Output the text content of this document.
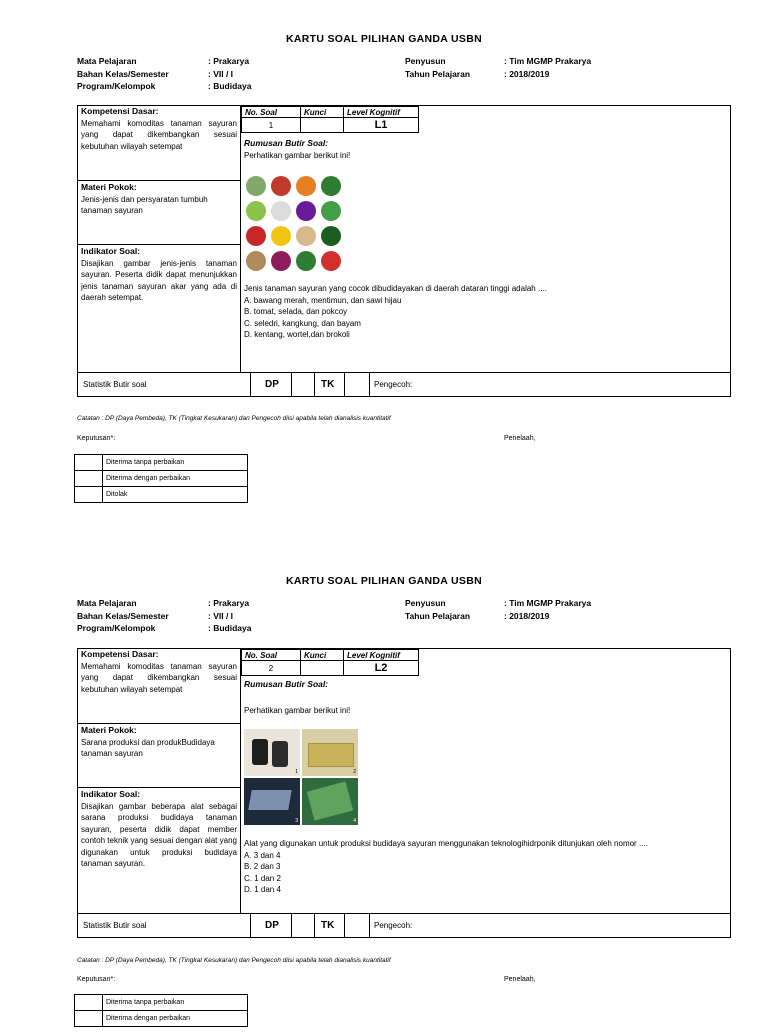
KARTU SOAL PILIHAN GANDA USBN
Mata Pelajaran	: Prakarya
Bahan Kelas/Semester	: VII / I
Program/Kelompok	: Budidaya
Penyusun	: Tim MGMP Prakarya
Tahun Pelajaran	: 2018/2019
Kompetensi Dasar:
Memahami komoditas tanaman sayuran yang dapat dikembangkan sesuai kebutuhan wilayah setempat
Materi Pokok:
Jenis-jenis dan persyaratan tumbuh tanaman sayuran
Indikator Soal:
Disajikan gambar jenis-jenis tanaman sayuran. Peserta didik dapat menunjukkan jenis tanaman sayuran akar yang ada di daerah setempat.
No. Soal	Kunci	Level Kognitif
1		L1
Rumusan Butir Soal:
Perhatikan gambar berikut ini!
Jenis tanaman sayuran yang cocok dibudidayakan di daerah dataran tinggi adalah ....
A. bawang merah, mentimun, dan sawi hijau
B. tomat, selada, dan pokcoy
C. seledri, kangkung, dan bayam
D. kentang, wortel,dan brokoli
Statistik Butir soal	DP	TK	Pengecoh:
Catatan : DP (Daya Pembeda), TK (Tingkat Kesukaran) dan Pengecoh diisi apabila telah dianalisis kuantitatif
Keputusan*:	Penelaah,
	Diterima tanpa perbaikan
	Diterima dengan perbaikan
	Ditolak
KARTU SOAL PILIHAN GANDA USBN
Mata Pelajaran	: Prakarya
Bahan Kelas/Semester	: VII / I
Program/Kelompok	: Budidaya
Penyusun	: Tim MGMP Prakarya
Tahun Pelajaran	: 2018/2019
Kompetensi Dasar:
Memahami komoditas tanaman sayuran yang dapat dikembangkan sesuai kebutuhan wilayah setempat
Materi Pokok:
Sarana produksi dan produkBudidaya tanaman sayuran
Indikator Soal:
Disajikan gambar beberapa alat sebagai sarana produksi budidaya tanaman sayuran, peserta didik dapat member contoh teknik yang sesuai dengan alat yang digunakan untuk produksi budidaya tanaman sayuran.
No. Soal	Kunci	Level Kognitif
2		L2
Rumusan Butir Soal:
Perhatikan gambar berikut ini!
1	2
3	4
Alat yang digunakan untuk produksi budidaya sayuran menggunakan teknologihidrponik ditunjukan oleh nomor ....
A. 3 dan 4
B. 2 dan 3
C. 1 dan 2
D. 1 dan 4
Statistik Butir soal	DP	TK	Pengecoh:
Catatan : DP (Daya Pembeda), TK (Tingkat Kesukaran) dan Pengecoh diisi apabila telah dianalisis kuantitatif
Keputusan*:	Penelaah,
	Diterima tanpa perbaikan
	Diterima dengan perbaikan
